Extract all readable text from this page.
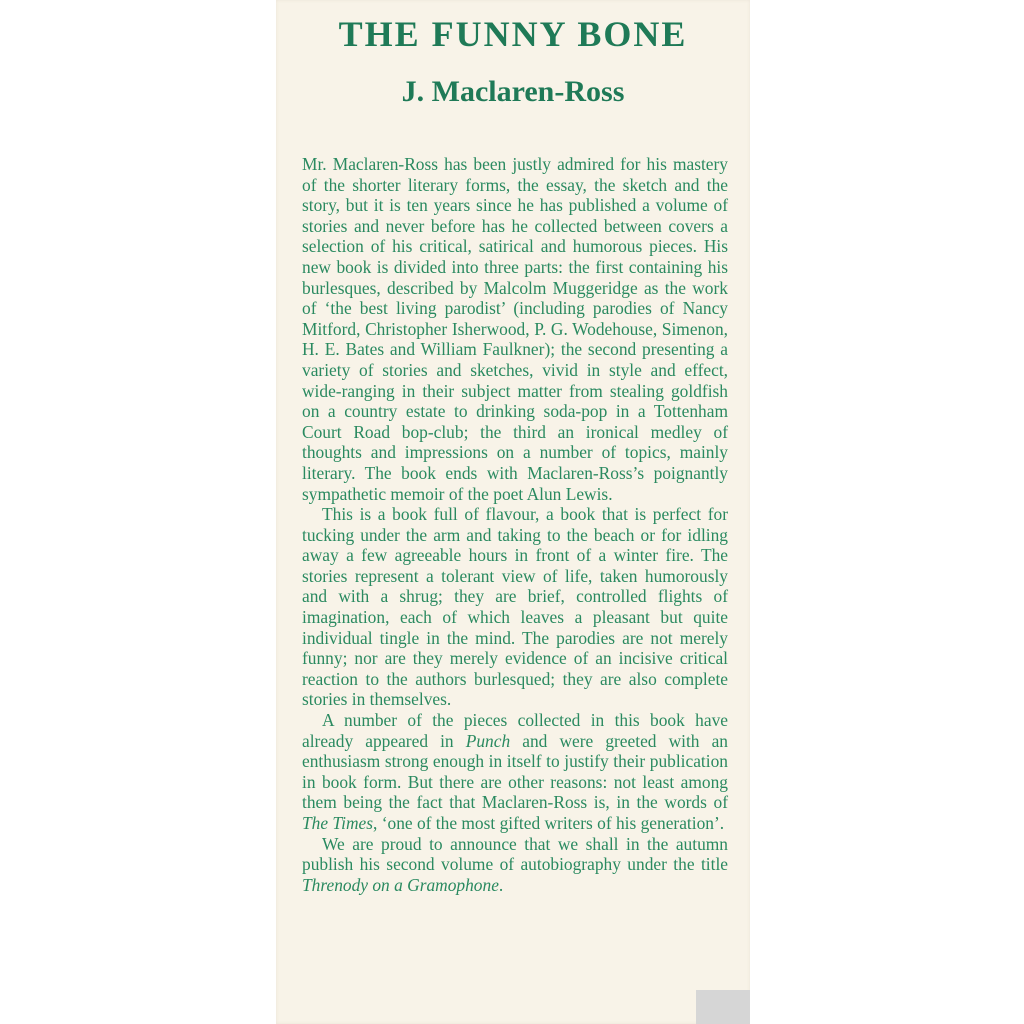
THE FUNNY BONE
J. Maclaren-Ross

Mr. Maclaren-Ross has been justly admired for his mastery of the shorter literary forms, the essay, the sketch and the story, but it is ten years since he has published a volume of stories and never before has he collected between covers a selection of his critical, satirical and humorous pieces. His new book is divided into three parts: the first containing his burlesques, described by Malcolm Muggeridge as the work of ‘the best living parodist’ (including parodies of Nancy Mitford, Christopher Isherwood, P. G. Wodehouse, Simenon, H. E. Bates and William Faulkner); the second presenting a variety of stories and sketches, vivid in style and effect, wide-ranging in their subject matter from stealing goldfish on a country estate to drinking soda-pop in a Tottenham Court Road bop-club; the third an ironical medley of thoughts and impressions on a number of topics, mainly literary. The book ends with Maclaren-Ross’s poignantly sympathetic memoir of the poet Alun Lewis.

This is a book full of flavour, a book that is perfect for tucking under the arm and taking to the beach or for idling away a few agreeable hours in front of a winter fire. The stories represent a tolerant view of life, taken humorously and with a shrug; they are brief, controlled flights of imagination, each of which leaves a pleasant but quite individual tingle in the mind. The parodies are not merely funny; nor are they merely evidence of an incisive critical reaction to the authors burlesqued; they are also complete stories in themselves.

A number of the pieces collected in this book have already appeared in Punch and were greeted with an enthusiasm strong enough in itself to justify their publication in book form. But there are other reasons: not least among them being the fact that Maclaren-Ross is, in the words of The Times, ‘one of the most gifted writers of his generation’.

We are proud to announce that we shall in the autumn publish his second volume of autobiography under the title Threnody on a Gramophone.
